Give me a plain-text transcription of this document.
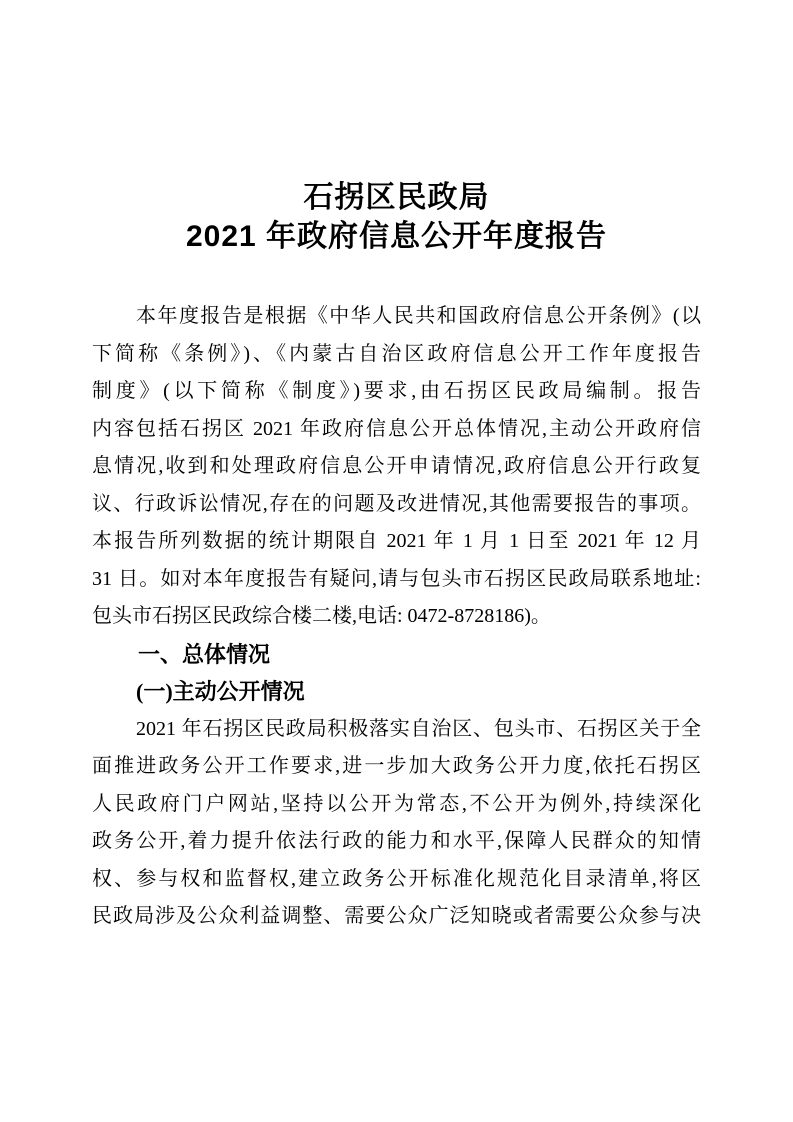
石拐区民政局
2021 年政府信息公开年度报告
本年度报告是根据《中华人民共和国政府信息公开条例》(以
下简称《条例》)、《内蒙古自治区政府信息公开工作年度报告
制度》(以下简称《制度》)要求,由石拐区民政局编制。报告
内容包括石拐区 2021 年政府信息公开总体情况,主动公开政府信
息情况,收到和处理政府信息公开申请情况,政府信息公开行政复
议、行政诉讼情况,存在的问题及改进情况,其他需要报告的事项。
本报告所列数据的统计期限自 2021 年 1 月 1 日至 2021 年 12 月
31 日。如对本年度报告有疑问,请与包头市石拐区民政局联系地址:
包头市石拐区民政综合楼二楼,电话: 0472-8728186)。
一、总体情况
(一)主动公开情况
2021 年石拐区民政局积极落实自治区、包头市、石拐区关于全
面推进政务公开工作要求,进一步加大政务公开力度,依托石拐区
人民政府门户网站,坚持以公开为常态,不公开为例外,持续深化
政务公开,着力提升依法行政的能力和水平,保障人民群众的知情
权、参与权和监督权,建立政务公开标准化规范化目录清单,将区
民政局涉及公众利益调整、需要公众广泛知晓或者需要公众参与决
